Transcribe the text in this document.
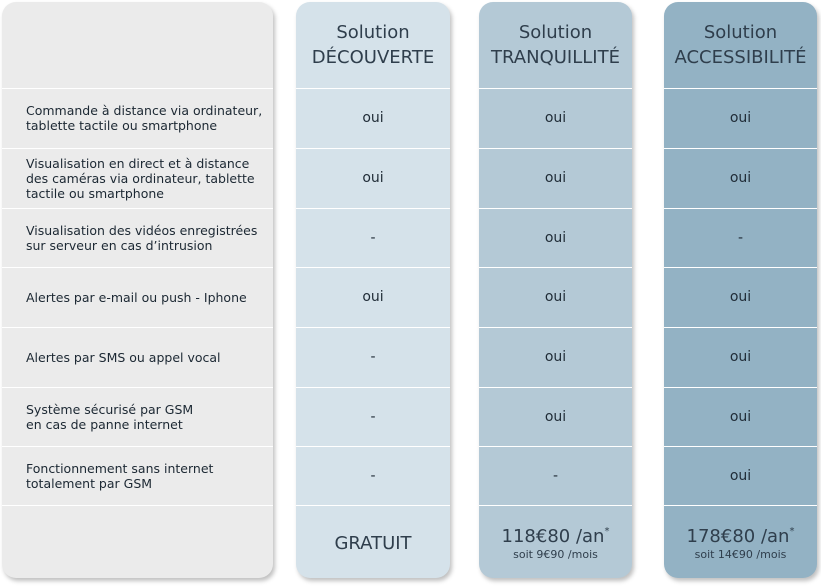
Commande à distance via ordinateur,
tablette tactile ou smartphone
Visualisation en direct et à distance
des caméras via ordinateur, tablette
tactile ou smartphone
Visualisation des vidéos enregistrées
sur serveur en cas d’intrusion
Alertes par e-mail ou push - Iphone
Alertes par SMS ou appel vocal
Système sécurisé par GSM
en cas de panne internet
Fonctionnement sans internet
totalement par GSM
Solution
DÉCOUVERTE
oui
oui
-
oui
-
-
-
GRATUIT
Solution
TRANQUILLITÉ
oui
oui
oui
oui
oui
oui
-
118€80 /an*
soit 9€90 /mois
Solution
ACCESSIBILITÉ
oui
oui
-
oui
oui
oui
oui
178€80 /an*
soit 14€90 /mois
